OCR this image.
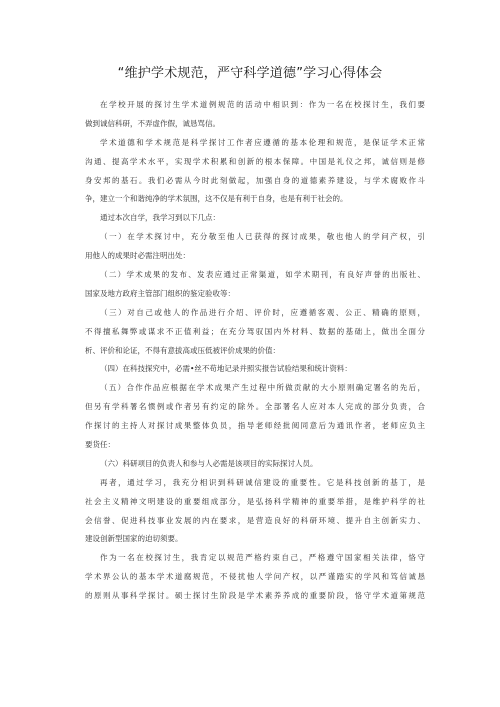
“维护学术规范，严守科学道德”学习心得体会
在学校开展的探讨生学术道例规范的活动中相识到：作为一名在校探讨生，我们要
做到诚信科研，不弄虚作假，诚恳骂信。
学术道德和学术规范是科学探讨工作者应遵循的基本伦理和规范，是保证学术正常
沟通、提高学术水平，实现学术积累和创新的根本保障。中国是礼仪之邦，诚信则是修
身安邦的基石。我们必需从今时此刻做起，加强自身的道德素养建设，与学术腐败作斗
争，建立一个和谐纯净的学术氛围，这不仅是有利于自身，也是有利于社会的。
通过本次自学，我学习到以下几点：
（一）在学术探讨中，充分敬至他人已获得的探讨成果，敬也他人的学问产权，引
用他人的成果时必需注明出处：
（二）学术成果的发布、发表应通过正常渠道，如学术期刊，有良好声誉的出版社、
国家及地方政府主管部门组织的鉴定验收等：
（三）对自己或他人的作品进行介绍、评价时，应遵循客观、公正、精确的原则，
不得擅私舞弊或谋求不正值利益；在充分驾驭国内外材料、数据的基础上，做出全面分
析、评价和论证，不得有意拔高或压低被评价成果的价值：
（四）在科技探究中，必需•丝不苟地记录并照实报告试验结果和统计资料：
（五）合作作品应根据在学术成果产生过程中所做贡献的大小原则确定署名的先后，
但另有学科署名惯例或作者另有约定的除外。全部署名人应对本人完成的部分负责，合
作探讨的主持人对探讨成果整体负员，指导老师经批阅同意后为通讯作者，老师应负主
要货任：
（六）科研项目的负责人和参与人必需是该项目的实际探讨人员。
再者，通过学习，我充分相识到科研诚信建设的重要性。它是科技创新的基丁，是
社会主义精神文明建设的重要组成部分，是弘扬科学精神的重要举措，是维护科学的社
会信誉、促进科技事业发展的内在要求，是营造良好的科研环境、提升自主创新实力、
建设创新型国家的迫切须要。
作为一名在校探讨生，我肯定以规范严格约束自己，严格遵守国家相关法律，恪守
学术界公认的基本学术道腐规范，不侵扰他人学问产权，以严谨踏实的学风和笃信诚恳
的原则从事科学探讨。硕士探讨生阶段是学术素养养成的重要阶段，恪守学术道第规范
